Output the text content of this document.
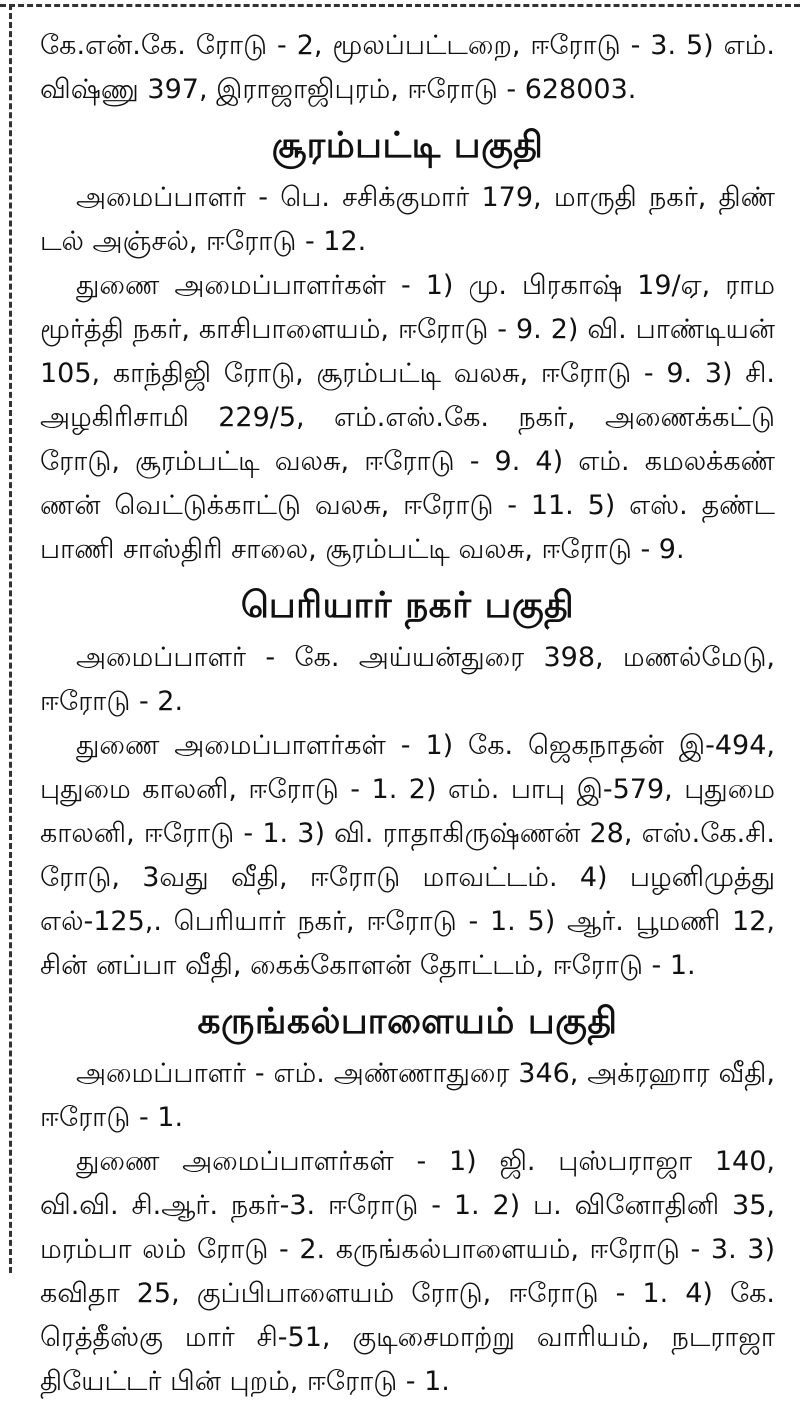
கே.என்.கே. ரோடு - 2, மூலப்பட்டறை, ஈரோடு - 3. 5) எம். விஷ்ணு 397, இராஜாஜிபுரம், ஈரோடு - 628003.

சூரம்பட்டி பகுதி

அமைப்பாளர் - பெ. சசிக்குமார் 179, மாருதி நகர், திண் டல் அஞ்சல், ஈரோடு - 12.

துணை அமைப்பாளர்கள் - 1) மு. பிரகாஷ் 19/ஏ, ராம மூர்த்தி நகர், காசிபாளையம், ஈரோடு - 9. 2) வி. பாண்டியன் 105, காந்திஜி ரோடு, சூரம்பட்டி வலசு, ஈரோடு - 9. 3) சி. அழகிரிசாமி 229/5, எம்.எஸ்.கே. நகர், அணைக்கட்டு ரோடு, சூரம்பட்டி வலசு, ஈரோடு - 9. 4) எம். கமலக்கண் ணன் வெட்டுக்காட்டு வலசு, ஈரோடு - 11. 5) எஸ். தண்ட பாணி சாஸ்திரி சாலை, சூரம்பட்டி வலசு, ஈரோடு - 9.

பெரியார் நகர் பகுதி

அமைப்பாளர் - கே. அய்யன்துரை 398, மணல்மேடு, ஈரோடு - 2.

துணை அமைப்பாளர்கள் - 1) கே. ஜெகநாதன் இ-494, புதுமை காலனி, ஈரோடு - 1. 2) எம். பாபு இ-579, புதுமை காலனி, ஈரோடு - 1. 3) வி. ராதாகிருஷ்ணன் 28, எஸ்.கே.சி. ரோடு, 3வது வீதி, ஈரோடு மாவட்டம். 4) பழனிமுத்து எல்-125,. பெரியார் நகர், ஈரோடு - 1. 5) ஆர். பூமணி 12, சின் னப்பா வீதி, கைக்கோளன் தோட்டம், ஈரோடு - 1.

கருங்கல்பாளையம் பகுதி

அமைப்பாளர் - எம். அண்ணாதுரை 346, அக்ரஹார வீதி, ஈரோடு - 1.

துணை அமைப்பாளர்கள் - 1) ஜி. புஸ்பராஜா 140, வி.வி. சி.ஆர். நகர்-3. ஈரோடு - 1. 2) ப. வினோதினி 35, மரம்பா லம் ரோடு - 2. கருங்கல்பாளையம், ஈரோடு - 3. 3) கவிதா 25, குப்பிபாளையம் ரோடு, ஈரோடு - 1. 4) கே. ரெத்தீஸ்கு மார் சி-51, குடிசைமாற்று வாரியம், நடராஜா தியேட்டர் பின் புறம், ஈரோடு - 1.
